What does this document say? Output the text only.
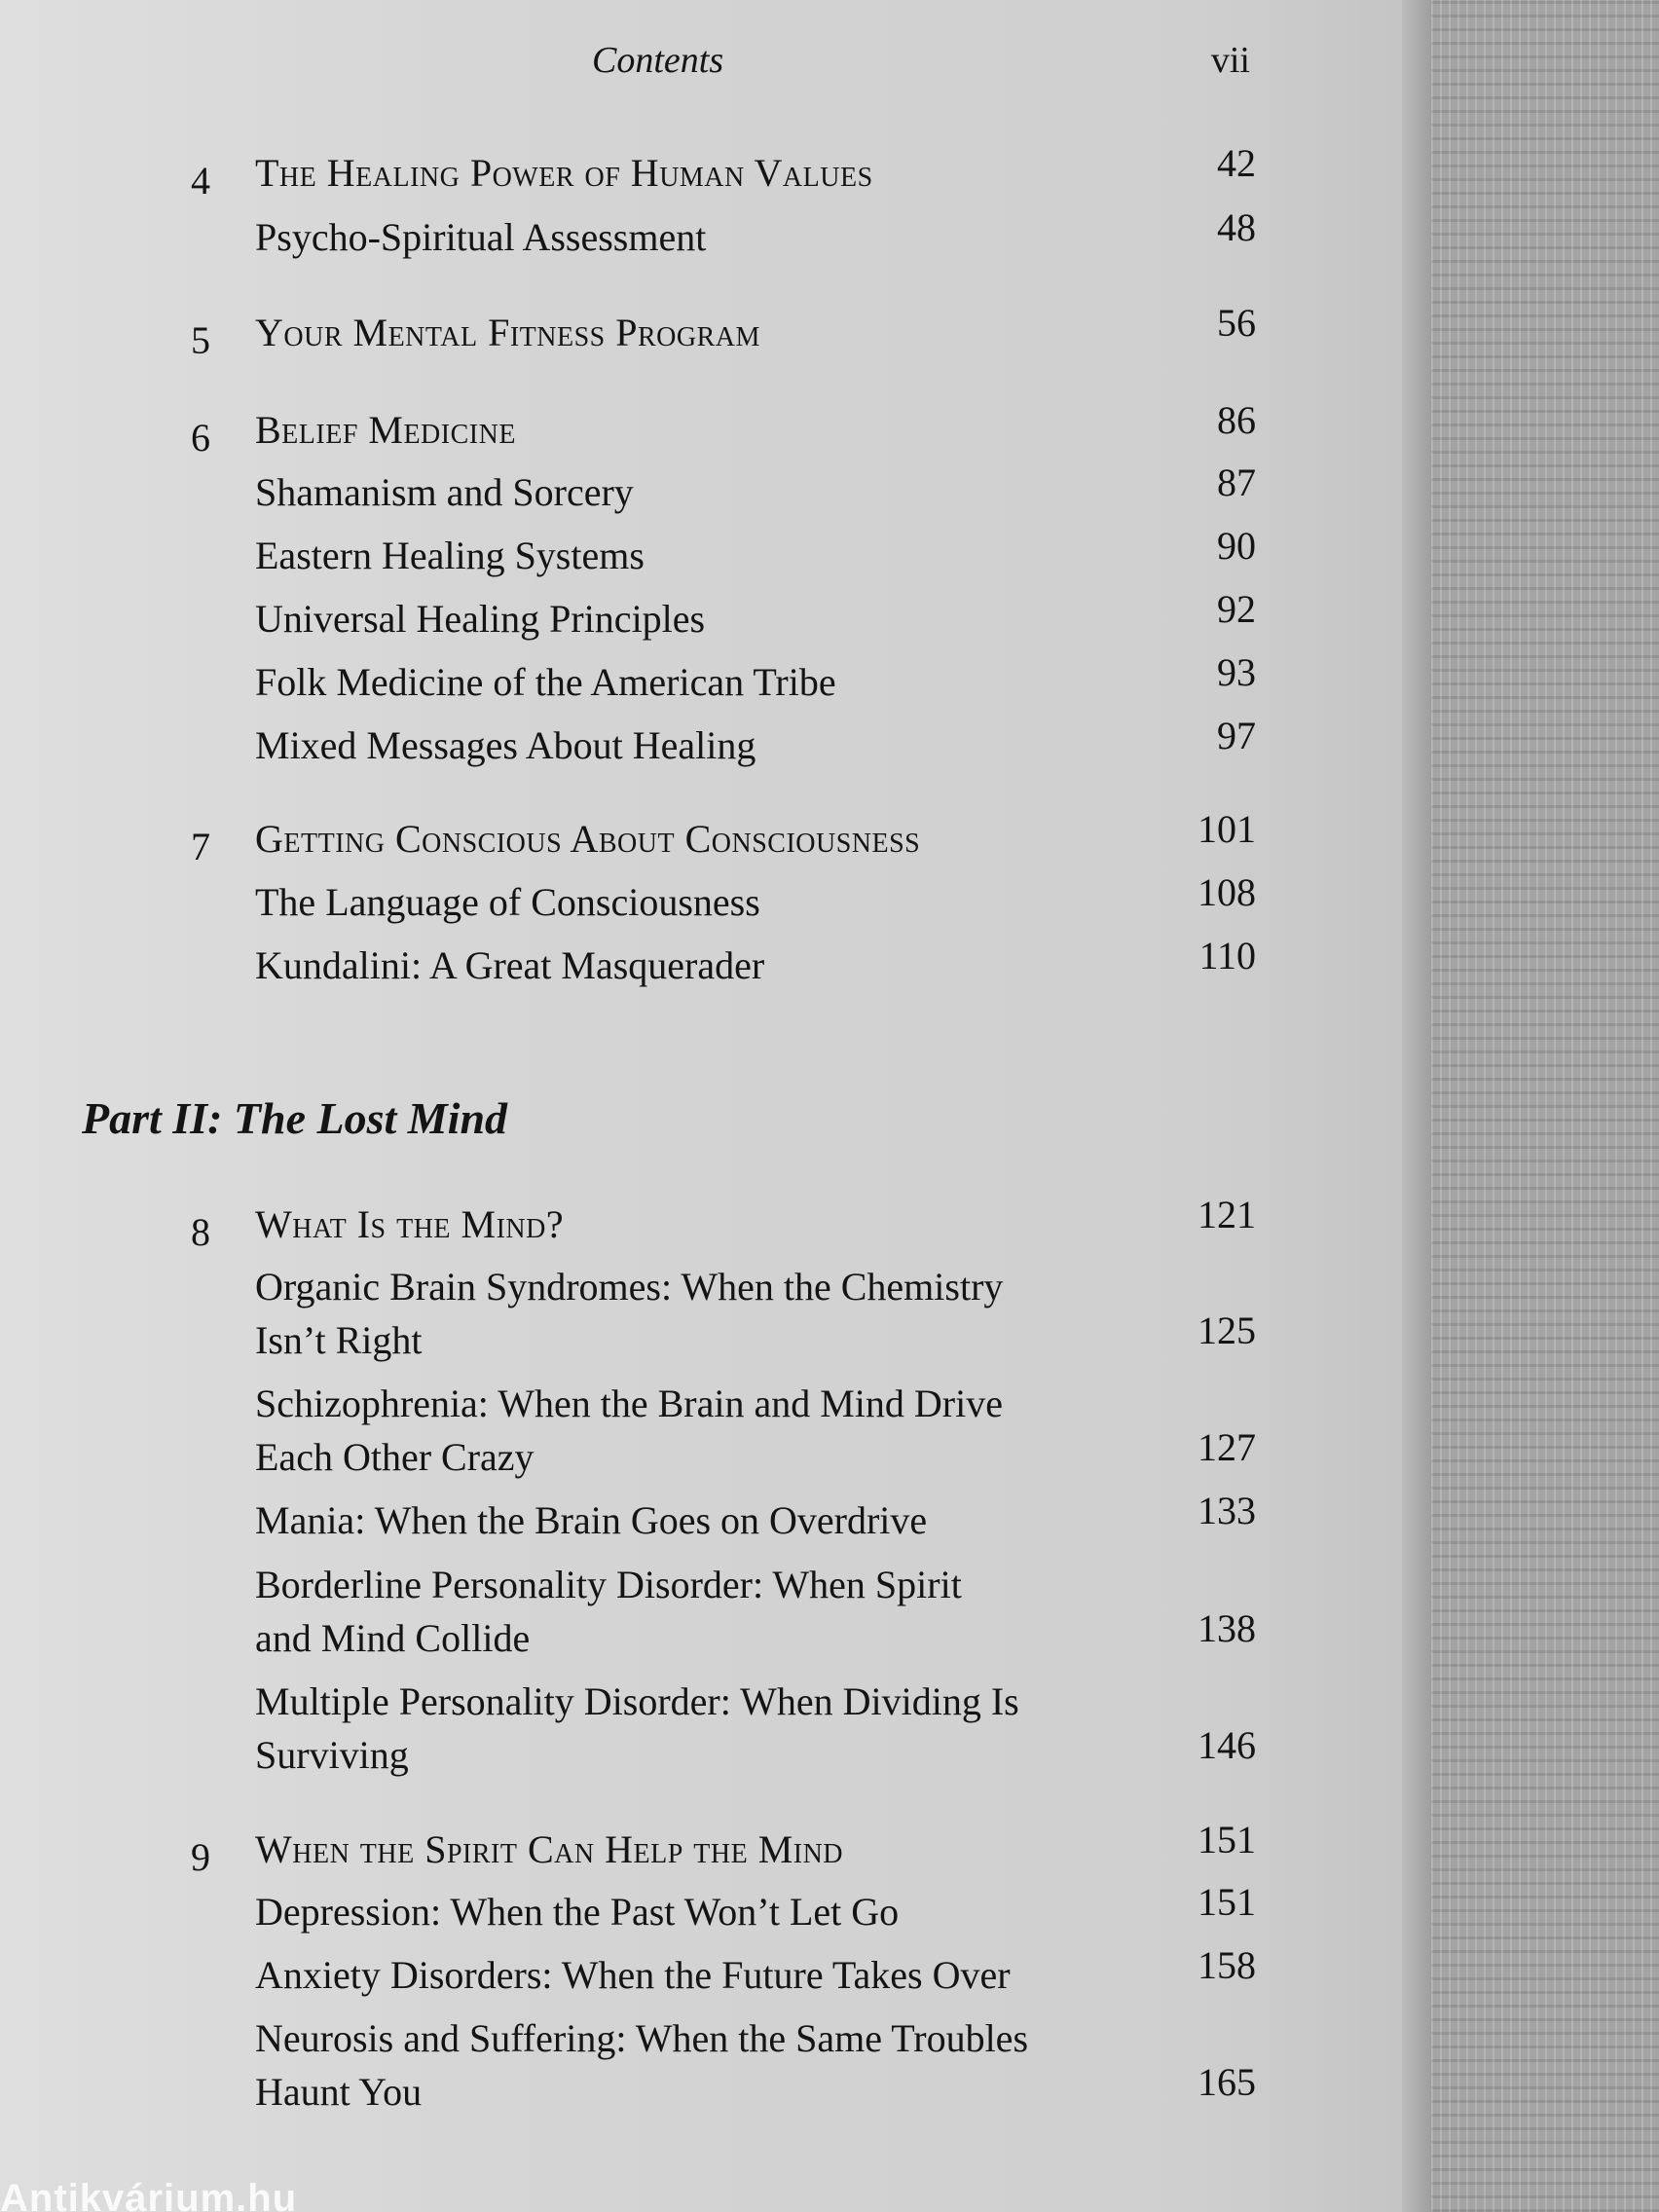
Contents	vii
4 The Healing Power of Human Values	42
Psycho-Spiritual Assessment	48
5 Your Mental Fitness Program	56
6 Belief Medicine	86
Shamanism and Sorcery	87
Eastern Healing Systems	90
Universal Healing Principles	92
Folk Medicine of the American Tribe	93
Mixed Messages About Healing	97
7 Getting Conscious About Consciousness	101
The Language of Consciousness	108
Kundalini: A Great Masquerader	110
Part II: The Lost Mind
8 What Is the Mind?	121
Organic Brain Syndromes: When the Chemistry
Isn’t Right	125
Schizophrenia: When the Brain and Mind Drive
Each Other Crazy	127
Mania: When the Brain Goes on Overdrive	133
Borderline Personality Disorder: When Spirit
and Mind Collide	138
Multiple Personality Disorder: When Dividing Is
Surviving	146
9 When the Spirit Can Help the Mind	151
Depression: When the Past Won’t Let Go	151
Anxiety Disorders: When the Future Takes Over	158
Neurosis and Suffering: When the Same Troubles
Haunt You	165
Antikvárium.hu
